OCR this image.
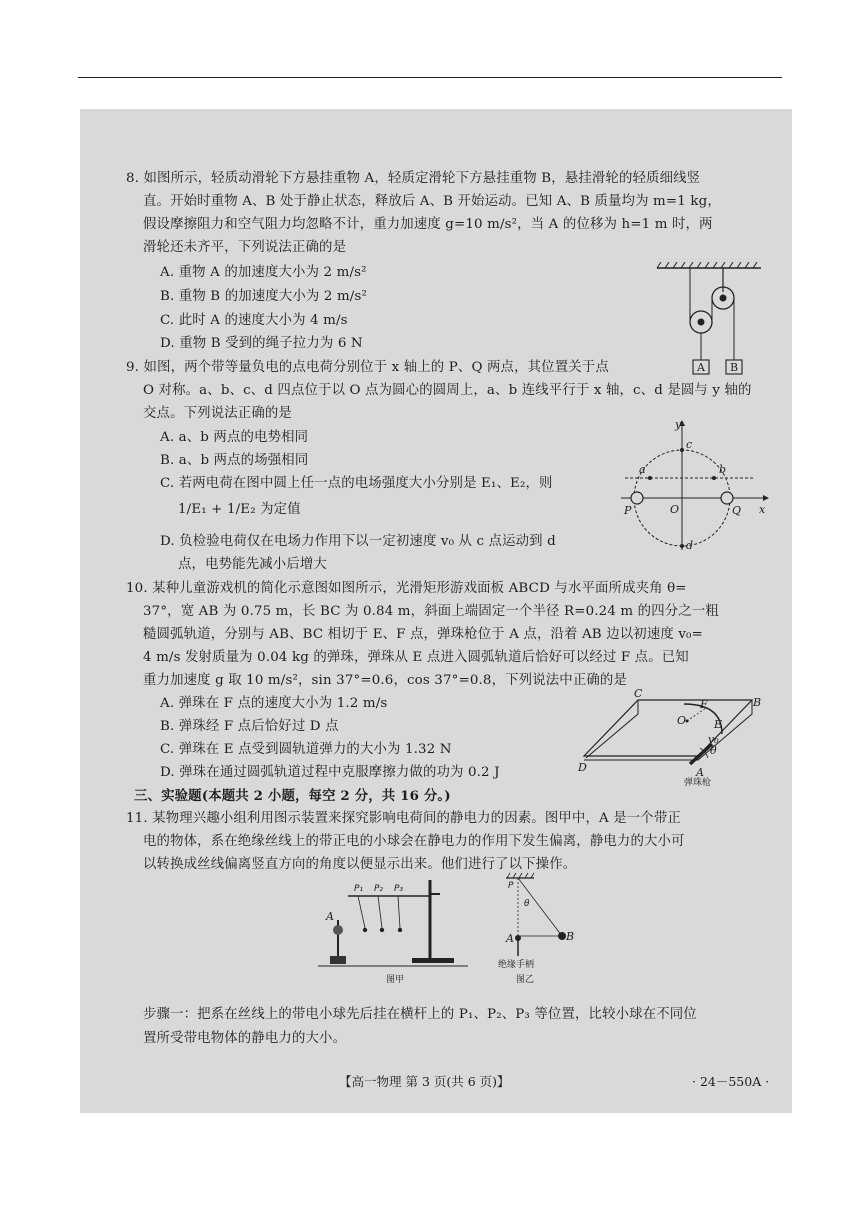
8. 如图所示，轻质动滑轮下方悬挂重物 A，轻质定滑轮下方悬挂重物 B，悬挂滑轮的轻质细线竖
直。开始时重物 A、B 处于静止状态，释放后 A、B 开始运动。已知 A、B 质量均为 m=1 kg，
假设摩擦阻力和空气阻力均忽略不计，重力加速度 g=10 m/s²，当 A 的位移为 h=1 m 时，两
滑轮还未齐平，下列说法正确的是
A. 重物 A 的加速度大小为 2 m/s²
B. 重物 B 的加速度大小为 2 m/s²
C. 此时 A 的速度大小为 4 m/s
D. 重物 B 受到的绳子拉力为 6 N
A B
9. 如图，两个带等量负电的点电荷分别位于 x 轴上的 P、Q 两点，其位置关于点
O 对称。a、b、c、d 四点位于以 O 点为圆心的圆周上，a、b 连线平行于 x 轴，c、d 是圆与 y 轴的
交点。下列说法正确的是
A. a、b 两点的电势相同
B. a、b 两点的场强相同
C. 若两电荷在图中圆上任一点的电场强度大小分别是 E₁、E₂，则
1/E₁ + 1/E₂ 为定值
D. 负检验电荷仅在电场力作用下以一定初速度 v₀ 从 c 点运动到 d
点，电势能先减小后增大
y
x
a	b
c
d
O
P	Q
10. 某种儿童游戏机的简化示意图如图所示，光滑矩形游戏面板 ABCD 与水平面所成夹角 θ=
37°，宽 AB 为 0.75 m，长 BC 为 0.84 m，斜面上端固定一个半径 R=0.24 m 的四分之一粗
糙圆弧轨道，分别与 AB、BC 相切于 E、F 点，弹珠枪位于 A 点，沿着 AB 边以初速度 v₀=
4 m/s 发射质量为 0.04 kg 的弹珠，弹珠从 E 点进入圆弧轨道后恰好可以经过 F 点。已知
重力加速度 g 取 10 m/s²，sin 37°=0.6，cos 37°=0.8，下列说法中正确的是
A. 弹珠在 F 点的速度大小为 1.2 m/s
B. 弹珠经 F 点后恰好过 D 点
C. 弹珠在 E 点受到圆轨道弹力的大小为 1.32 N
D. 弹珠在通过圆弧轨道过程中克服摩擦力做的功为 0.2 J
C
B
D	A
F
E
O
v₀
θ
弹珠枪
三、实验题(本题共 2 小题，每空 2 分，共 16 分。)
11. 某物理兴趣小组利用图示装置来探究影响电荷间的静电力的因素。图甲中，A 是一个带正
电的物体，系在绝缘丝线上的带正电的小球会在静电力的作用下发生偏离，静电力的大小可
以转换成丝线偏离竖直方向的角度以便显示出来。他们进行了以下操作。
P₁ P₂ P₃
A
图甲
P
θ
A	B
绝缘手柄
图乙
步骤一：把系在丝线上的带电小球先后挂在横杆上的 P₁、P₂、P₃ 等位置，比较小球在不同位
置所受带电物体的静电力的大小。
【高一物理 第 3 页(共 6 页)】	· 24－550A ·
